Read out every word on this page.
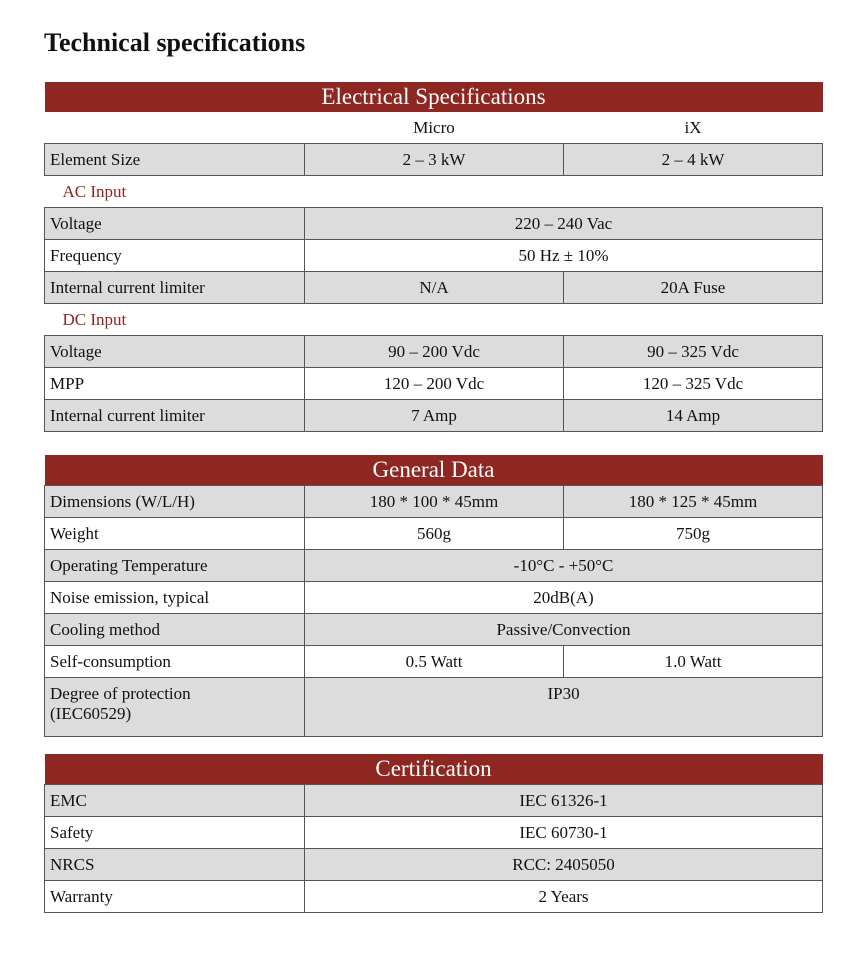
Technical specifications
Electrical Specifications		
	Micro	iX
Element Size	2 – 3 kW	2 – 4 kW
AC Input		
Voltage	220 – 240 Vac	
Frequency	50 Hz ± 10%	
Internal current limiter	N/A	20A Fuse
DC Input		
Voltage	90 – 200 Vdc	90 – 325 Vdc
MPP	120 – 200 Vdc	120 – 325 Vdc
Internal current limiter	7 Amp	14 Amp
General Data		
Dimensions (W/L/H)	180 * 100 * 45mm	180 * 125 * 45mm
Weight	560g	750g
Operating Temperature	-10°C - +50°C	
Noise emission, typical	20dB(A)	
Cooling method	Passive/Convection	
Self-consumption	0.5 Watt	1.0 Watt
Degree of protection
(IEC60529)	IP30	
Certification	
EMC	IEC 61326-1
Safety	IEC 60730-1
NRCS	RCC: 2405050
Warranty	2 Years
